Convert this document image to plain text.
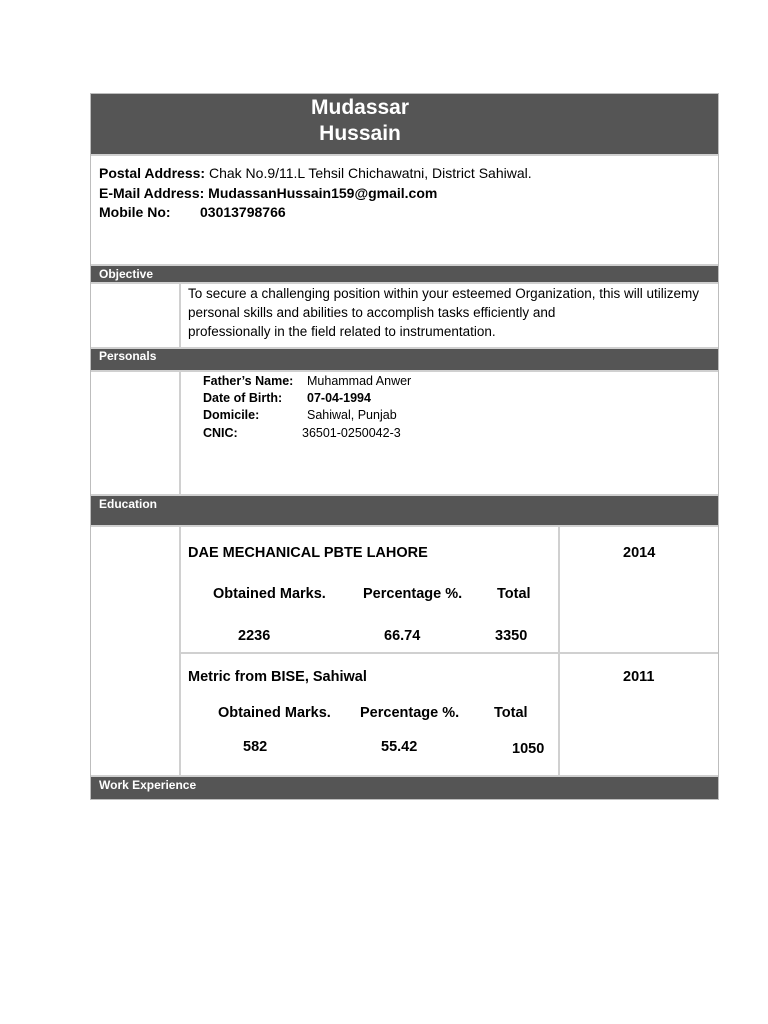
Mudassar
Hussain
Postal Address: Chak No.9/11.L Tehsil Chichawatni, District Sahiwal.
E-Mail Address: MudassanHussain159@gmail.com
Mobile No: 03013798766
Objective
To secure a challenging position within your esteemed Organization, this will utilizemy
personal skills and abilities to accomplish tasks efficiently and
professionally in the field related to instrumentation.
Personals
Father’s Name: Muhammad Anwer
Date of Birth: 07-04-1994
Domicile:	Sahiwal, Punjab
CNIC:	36501-0250042-3
Education
DAE MECHANICAL PBTE LAHORE	2014
Obtained Marks.	Percentage %. Total
2236	66.74	3350
Metric from BISE, Sahiwal	2011
Obtained Marks. Percentage %. Total
582	55.42	1050
Work Experience
